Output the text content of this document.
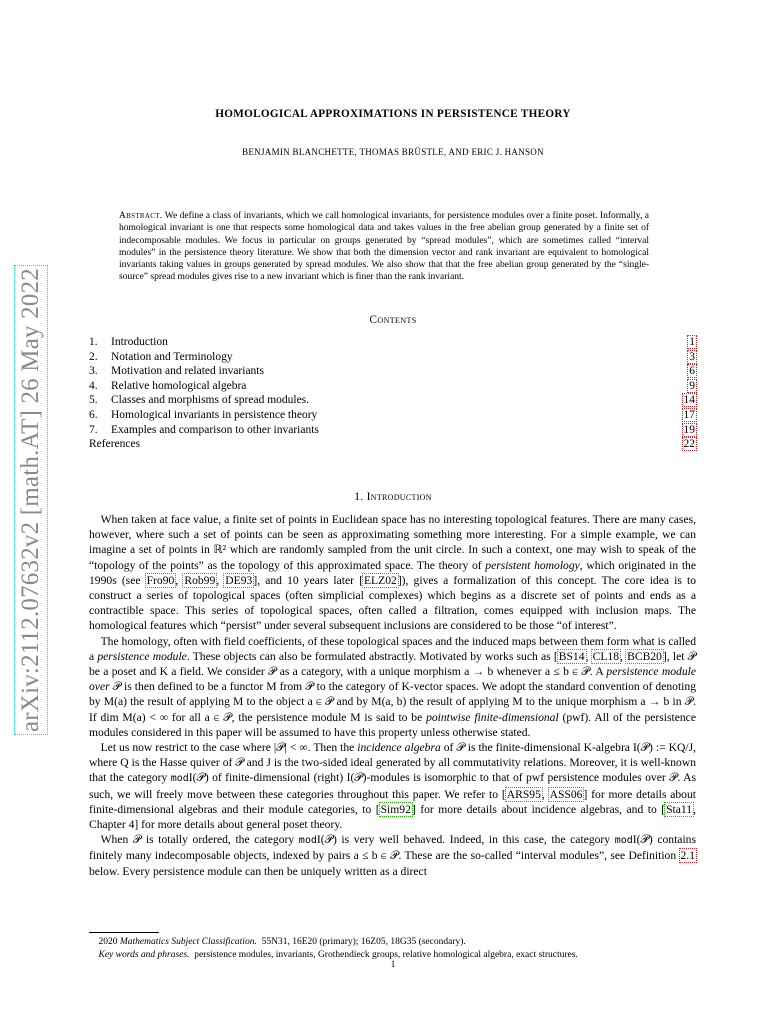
arXiv:2112.07632v2 [math.AT] 26 May 2022
HOMOLOGICAL APPROXIMATIONS IN PERSISTENCE THEORY
BENJAMIN BLANCHETTE, THOMAS BRÜSTLE, AND ERIC J. HANSON
Abstract. We define a class of invariants, which we call homological invariants, for persistence modules over a finite poset. Informally, a homological invariant is one that respects some homological data and takes values in the free abelian group generated by a finite set of indecomposable modules. We focus in particular on groups generated by “spread modules”, which are sometimes called “interval modules” in the persistence theory literature. We show that both the dimension vector and rank invariant are equivalent to homological invariants taking values in groups generated by spread modules. We also show that that the free abelian group generated by the “single-source” spread modules gives rise to a new invariant which is finer than the rank invariant.
Contents
1. Introduction	1
2. Notation and Terminology	3
3. Motivation and related invariants	6
4. Relative homological algebra	9
5. Classes and morphisms of spread modules.	14
6. Homological invariants in persistence theory	17
7. Examples and comparison to other invariants	19
References	22
1. Introduction

 When taken at face value, a finite set of points in Euclidean space has no interesting topological features. There are many cases, however, where such a set of points can be seen as approximating something more interesting. For a simple example, we can imagine a set of points in ℝ² which are randomly sampled from the unit circle. In such a context, one may wish to speak of the “topology of the points” as the topology of this approximated space. The theory of persistent homology, which originated in the 1990s (see Fro90, Rob99, DE93], and 10 years later [ELZ02]), gives a formalization of this concept. The core idea is to construct a series of topological spaces (often simplicial complexes) which begins as a discrete set of points and ends as a contractible space. This series of topological spaces, often called a filtration, comes equipped with inclusion maps. The homological features which “persist” under several subsequent inclusions are considered to be those “of interest”.

 The homology, often with field coefficients, of these topological spaces and the induced maps between them form what is called a persistence module. These objects can also be formulated abstractly. Motivated by works such as [BS14, CL18, BCB20], let 𝒫 be a poset and K a field. We consider 𝒫 as a category, with a unique morphism a → b whenever a ≤ b ∈ 𝒫. A persistence module over 𝒫 is then defined to be a functor M from 𝒫 to the category of K-vector spaces. We adopt the standard convention of denoting by M(a) the result of applying M to the object a ∈ 𝒫 and by M(a, b) the result of applying M to the unique morphism a → b in 𝒫. If dim M(a) < ∞ for all a ∈ 𝒫, the persistence module M is said to be pointwise finite-dimensional (pwf). All of the persistence modules considered in this paper will be assumed to have this property unless otherwise stated.

 Let us now restrict to the case where |𝒫| < ∞. Then the incidence algebra of 𝒫 is the finite-dimensional K-algebra I(𝒫) := KQ/J, where Q is the Hasse quiver of 𝒫 and J is the two-sided ideal generated by all commutativity relations. Moreover, it is well-known that the category modI(𝒫) of finite-dimensional (right) I(𝒫)-modules is isomorphic to that of pwf persistence modules over 𝒫. As such, we will freely move between these categories throughout this paper. We refer to [ARS95, ASS06] for more details about finite-dimensional algebras and their module categories, to [Sim92] for more details about incidence algebras, and to [Sta11, Chapter 4] for more details about general poset theory.

 When 𝒫 is totally ordered, the category modI(𝒫) is very well behaved. Indeed, in this case, the category modI(𝒫) contains finitely many indecomposable objects, indexed by pairs a ≤ b ∈ 𝒫. These are the so-called “interval modules”, see Definition 2.1 below. Every persistence module can then be uniquely written as a direct

 2020 Mathematics Subject Classification.  55N31, 16E20 (primary); 16Z05, 18G35 (secondary).
 Key words and phrases.  persistence modules, invariants, Grothendieck groups, relative homological algebra, exact structures.
1
